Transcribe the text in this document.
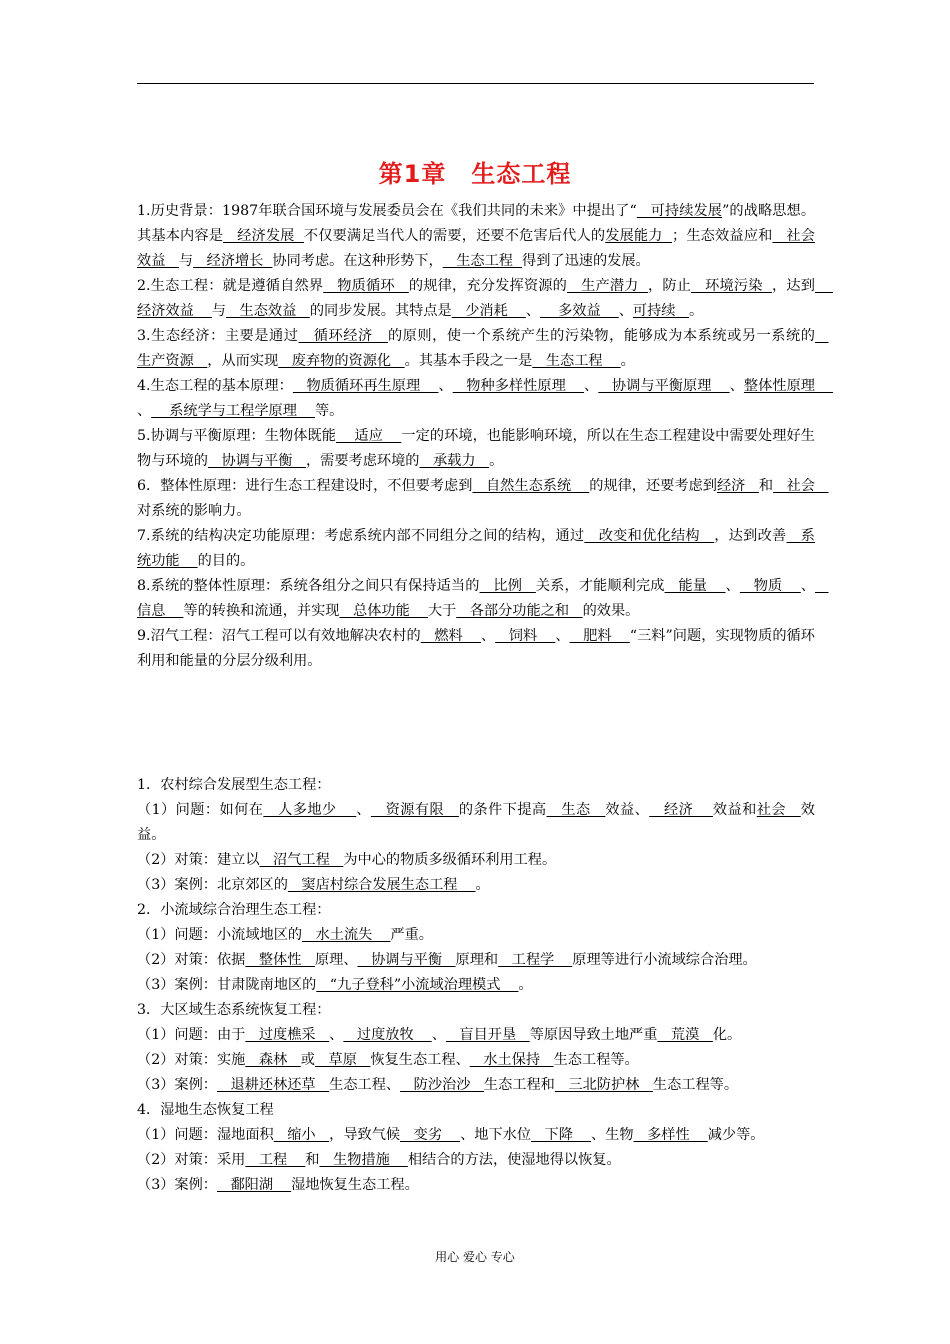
第1章　生态工程

1.历史背景：1987年联合国环境与发展委员会在《我们共同的未来》中提出了“   可持续发展”的战略思想。其基本内容是   经济发展  不仅要满足当代人的需要，还要不危害后代人的发展能力  ；生态效益应和   社会效益   与   经济增长  协同考虑。在这种形势下，   生态工程  得到了迅速的发展。

2.生态工程：就是遵循自然界   物质循环   的规律，充分发挥资源的   生产潜力  ，防止   环境污染  ，达到    经济效益    与   生态效益   的同步发展。其特点是   少消耗    、    多效益    、可持续   。

3.生态经济：主要是通过   循环经济   的原则，使一个系统产生的污染物，能够成为本系统或另一系统的   生产资源   ，从而实现   废弃物的资源化   。其基本手段之一是   生态工程    。

4.生态工程的基本原理：   物质循环再生原理    、   物种多样性原理    、   协调与平衡原理    、整体性原理    、    系统学与工程学原理    等。

5.协调与平衡原理：生物体既能    适应    一定的环境，也能影响环境，所以在生态工程建设中需要处理好生物与环境的   协调与平衡   ，需要考虑环境的   承载力   。

6．整体性原理：进行生态工程建设时，不但要考虑到   自然生态系统    的规律，还要考虑到经济   和   社会   对系统的影响力。

7.系统的结构决定功能原理：考虑系统内部不同组分之间的结构，通过   改变和优化结构   ，达到改善   系统功能    的目的。

8.系统的整体性原理：系统各组分之间只有保持适当的   比例   关系，才能顺利完成   能量    、   物质    、   信息    等的转换和流通，并实现   总体功能    大于   各部分功能之和   的效果。

9.沼气工程：沼气工程可以有效地解决农村的   燃料    、   饲料    、   肥料    “三料”问题，实现物质的循环利用和能量的分层分级利用。

1．农村综合发展型生态工程：

（1）问题：如何在   人多地少    、   资源有限   的条件下提高   生态   效益、   经济    效益和社会   效益。

（2）对策：建立以   沼气工程   为中心的物质多级循环利用工程。

（3）案例：北京郊区的   窦店村综合发展生态工程    。

2．小流域综合治理生态工程：

（1）问题：小流域地区的   水土流失    严重。

（2）对策：依据   整体性   原理、   协调与平衡   原理和   工程学    原理等进行小流域综合治理。

（3）案例：甘肃陇南地区的   “九子登科”小流域治理模式    。

3．大区域生态系统恢复工程：

（1）问题：由于   过度樵采   、   过度放牧    、   盲目开垦   等原因导致土地严重   荒漠   化。

（2）对策：实施   森林   或   草原   恢复生态工程、   水土保持   生态工程等。

（3）案例：   退耕还林还草   生态工程、   防沙治沙   生态工程和   三北防护林   生态工程等。

4．湿地生态恢复工程

（1）问题：湿地面积   缩小   ，导致气候   变劣    、地下水位   下降    、生物   多样性    减少等。

（2）对策：采用   工程    和   生物措施    相结合的方法，使湿地得以恢复。

（3）案例：   鄱阳湖    湿地恢复生态工程。

用心 爱心 专心
